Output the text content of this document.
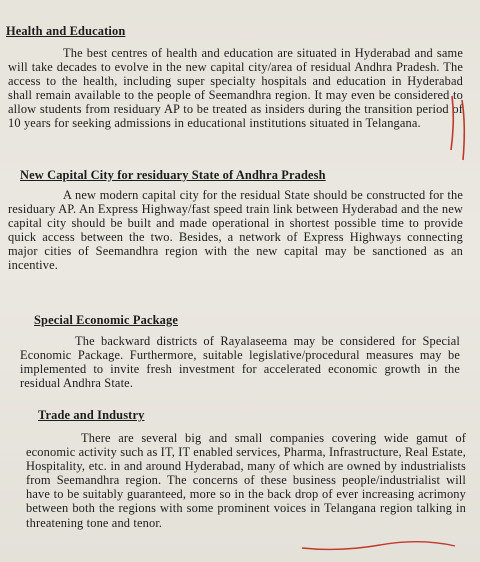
Health and Education
The best centres of health and education are situated in Hyderabad and same will take decades to evolve in the new capital city/area of residual Andhra Pradesh. The access to the health, including super specialty hospitals and education in Hyderabad shall remain available to the people of Seemandhra region. It may even be considered to allow students from residuary AP to be treated as insiders during the transition period of 10 years for seeking admissions in educational institutions situated in Telangana.
New Capital City for residuary State of Andhra Pradesh
A new modern capital city for the residual State should be constructed for the residuary AP. An Express Highway/fast speed train link between Hyderabad and the new capital city should be built and made operational in shortest possible time to provide quick access between the two. Besides, a network of Express Highways connecting major cities of Seemandhra region with the new capital may be sanctioned as an incentive.
Special Economic Package
The backward districts of Rayalaseema may be considered for Special Economic Package. Furthermore, suitable legislative/procedural measures may be implemented to invite fresh investment for accelerated economic growth in the residual Andhra State.
Trade and Industry
There are several big and small companies covering wide gamut of economic activity such as IT, IT enabled services, Pharma, Infrastructure, Real Estate, Hospitality, etc. in and around Hyderabad, many of which are owned by industrialists from Seemandhra region. The concerns of these business people/industrialist will have to be suitably guaranteed, more so in the back drop of ever increasing acrimony between both the regions with some prominent voices in Telangana region talking in threatening tone and tenor.
